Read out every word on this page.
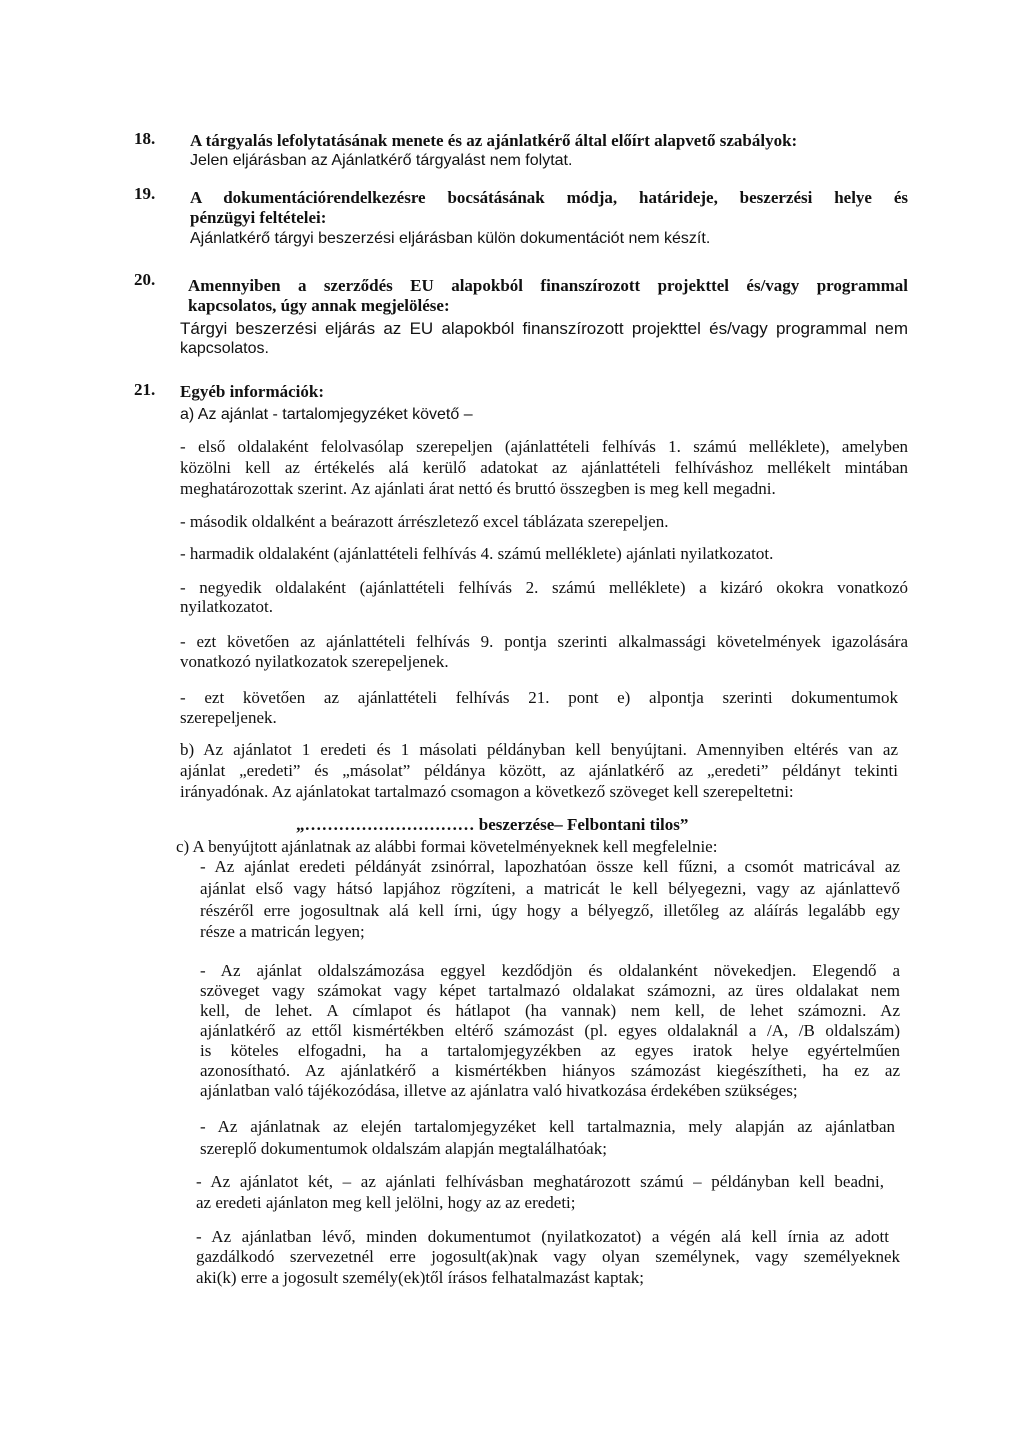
18. A tárgyalás lefolytatásának menete és az ajánlatkérő által előírt alapvető szabályok:
Jelen eljárásban az Ajánlatkérő tárgyalást nem folytat.
19. A dokumentációrendelkezésre bocsátásának módja, határideje, beszerzési helye és
pénzügyi feltételei:
Ajánlatkérő tárgyi beszerzési eljárásban külön dokumentációt nem készít.
20. Amennyiben a szerződés EU alapokból finanszírozott projekttel és/vagy programmal
kapcsolatos, úgy annak megjelölése:
Tárgyi beszerzési eljárás az EU alapokból finanszírozott projekttel és/vagy programmal nem
kapcsolatos.
21. Egyéb információk:
a) Az ajánlat - tartalomjegyzéket követő –
- első oldalaként felolvasólap szerepeljen (ajánlattételi felhívás 1. számú melléklete), amelyben
közölni kell az értékelés alá kerülő adatokat az ajánlattételi felhíváshoz mellékelt mintában
meghatározottak szerint. Az ajánlati árat nettó és bruttó összegben is meg kell megadni.
- második oldalként a beárazott árrészletező excel táblázata szerepeljen.
- harmadik oldalaként (ajánlattételi felhívás 4. számú melléklete) ajánlati nyilatkozatot.
- negyedik oldalaként (ajánlattételi felhívás 2. számú melléklete) a kizáró okokra vonatkozó
nyilatkozatot.
- ezt követően az ajánlattételi felhívás 9. pontja szerinti alkalmassági követelmények igazolására
vonatkozó nyilatkozatok szerepeljenek.
- ezt követően az ajánlattételi felhívás 21. pont e) alpontja szerinti dokumentumok
szerepeljenek.
b) Az ajánlatot 1 eredeti és 1 másolati példányban kell benyújtani. Amennyiben eltérés van az
ajánlat „eredeti” és „másolat” példánya között, az ajánlatkérő az „eredeti” példányt tekinti
irányadónak. Az ajánlatokat tartalmazó csomagon a következő szöveget kell szerepeltetni:
„………………………… beszerzése– Felbontani tilos”
c) A benyújtott ajánlatnak az alábbi formai követelményeknek kell megfelelnie:
- Az ajánlat eredeti példányát zsinórral, lapozhatóan össze kell fűzni, a csomót matricával az
ajánlat első vagy hátsó lapjához rögzíteni, a matricát le kell bélyegezni, vagy az ajánlattevő
részéről erre jogosultnak alá kell írni, úgy hogy a bélyegző, illetőleg az aláírás legalább egy
része a matricán legyen;
- Az ajánlat oldalszámozása eggyel kezdődjön és oldalanként növekedjen. Elegendő a
szöveget vagy számokat vagy képet tartalmazó oldalakat számozni, az üres oldalakat nem
kell, de lehet. A címlapot és hátlapot (ha vannak) nem kell, de lehet számozni. Az
ajánlatkérő az ettől kismértékben eltérő számozást (pl. egyes oldalaknál a /A, /B oldalszám)
is köteles elfogadni, ha a tartalomjegyzékben az egyes iratok helye egyértelműen
azonosítható. Az ajánlatkérő a kismértékben hiányos számozást kiegészítheti, ha ez az
ajánlatban való tájékozódása, illetve az ajánlatra való hivatkozása érdekében szükséges;
- Az ajánlatnak az elején tartalomjegyzéket kell tartalmaznia, mely alapján az ajánlatban
szereplő dokumentumok oldalszám alapján megtalálhatóak;
- Az ajánlatot két, – az ajánlati felhívásban meghatározott számú – példányban kell beadni,
az eredeti ajánlaton meg kell jelölni, hogy az az eredeti;
- Az ajánlatban lévő, minden dokumentumot (nyilatkozatot) a végén alá kell írnia az adott
gazdálkodó szervezetnél erre jogosult(ak)nak vagy olyan személynek, vagy személyeknek
aki(k) erre a jogosult személy(ek)től írásos felhatalmazást kaptak;
